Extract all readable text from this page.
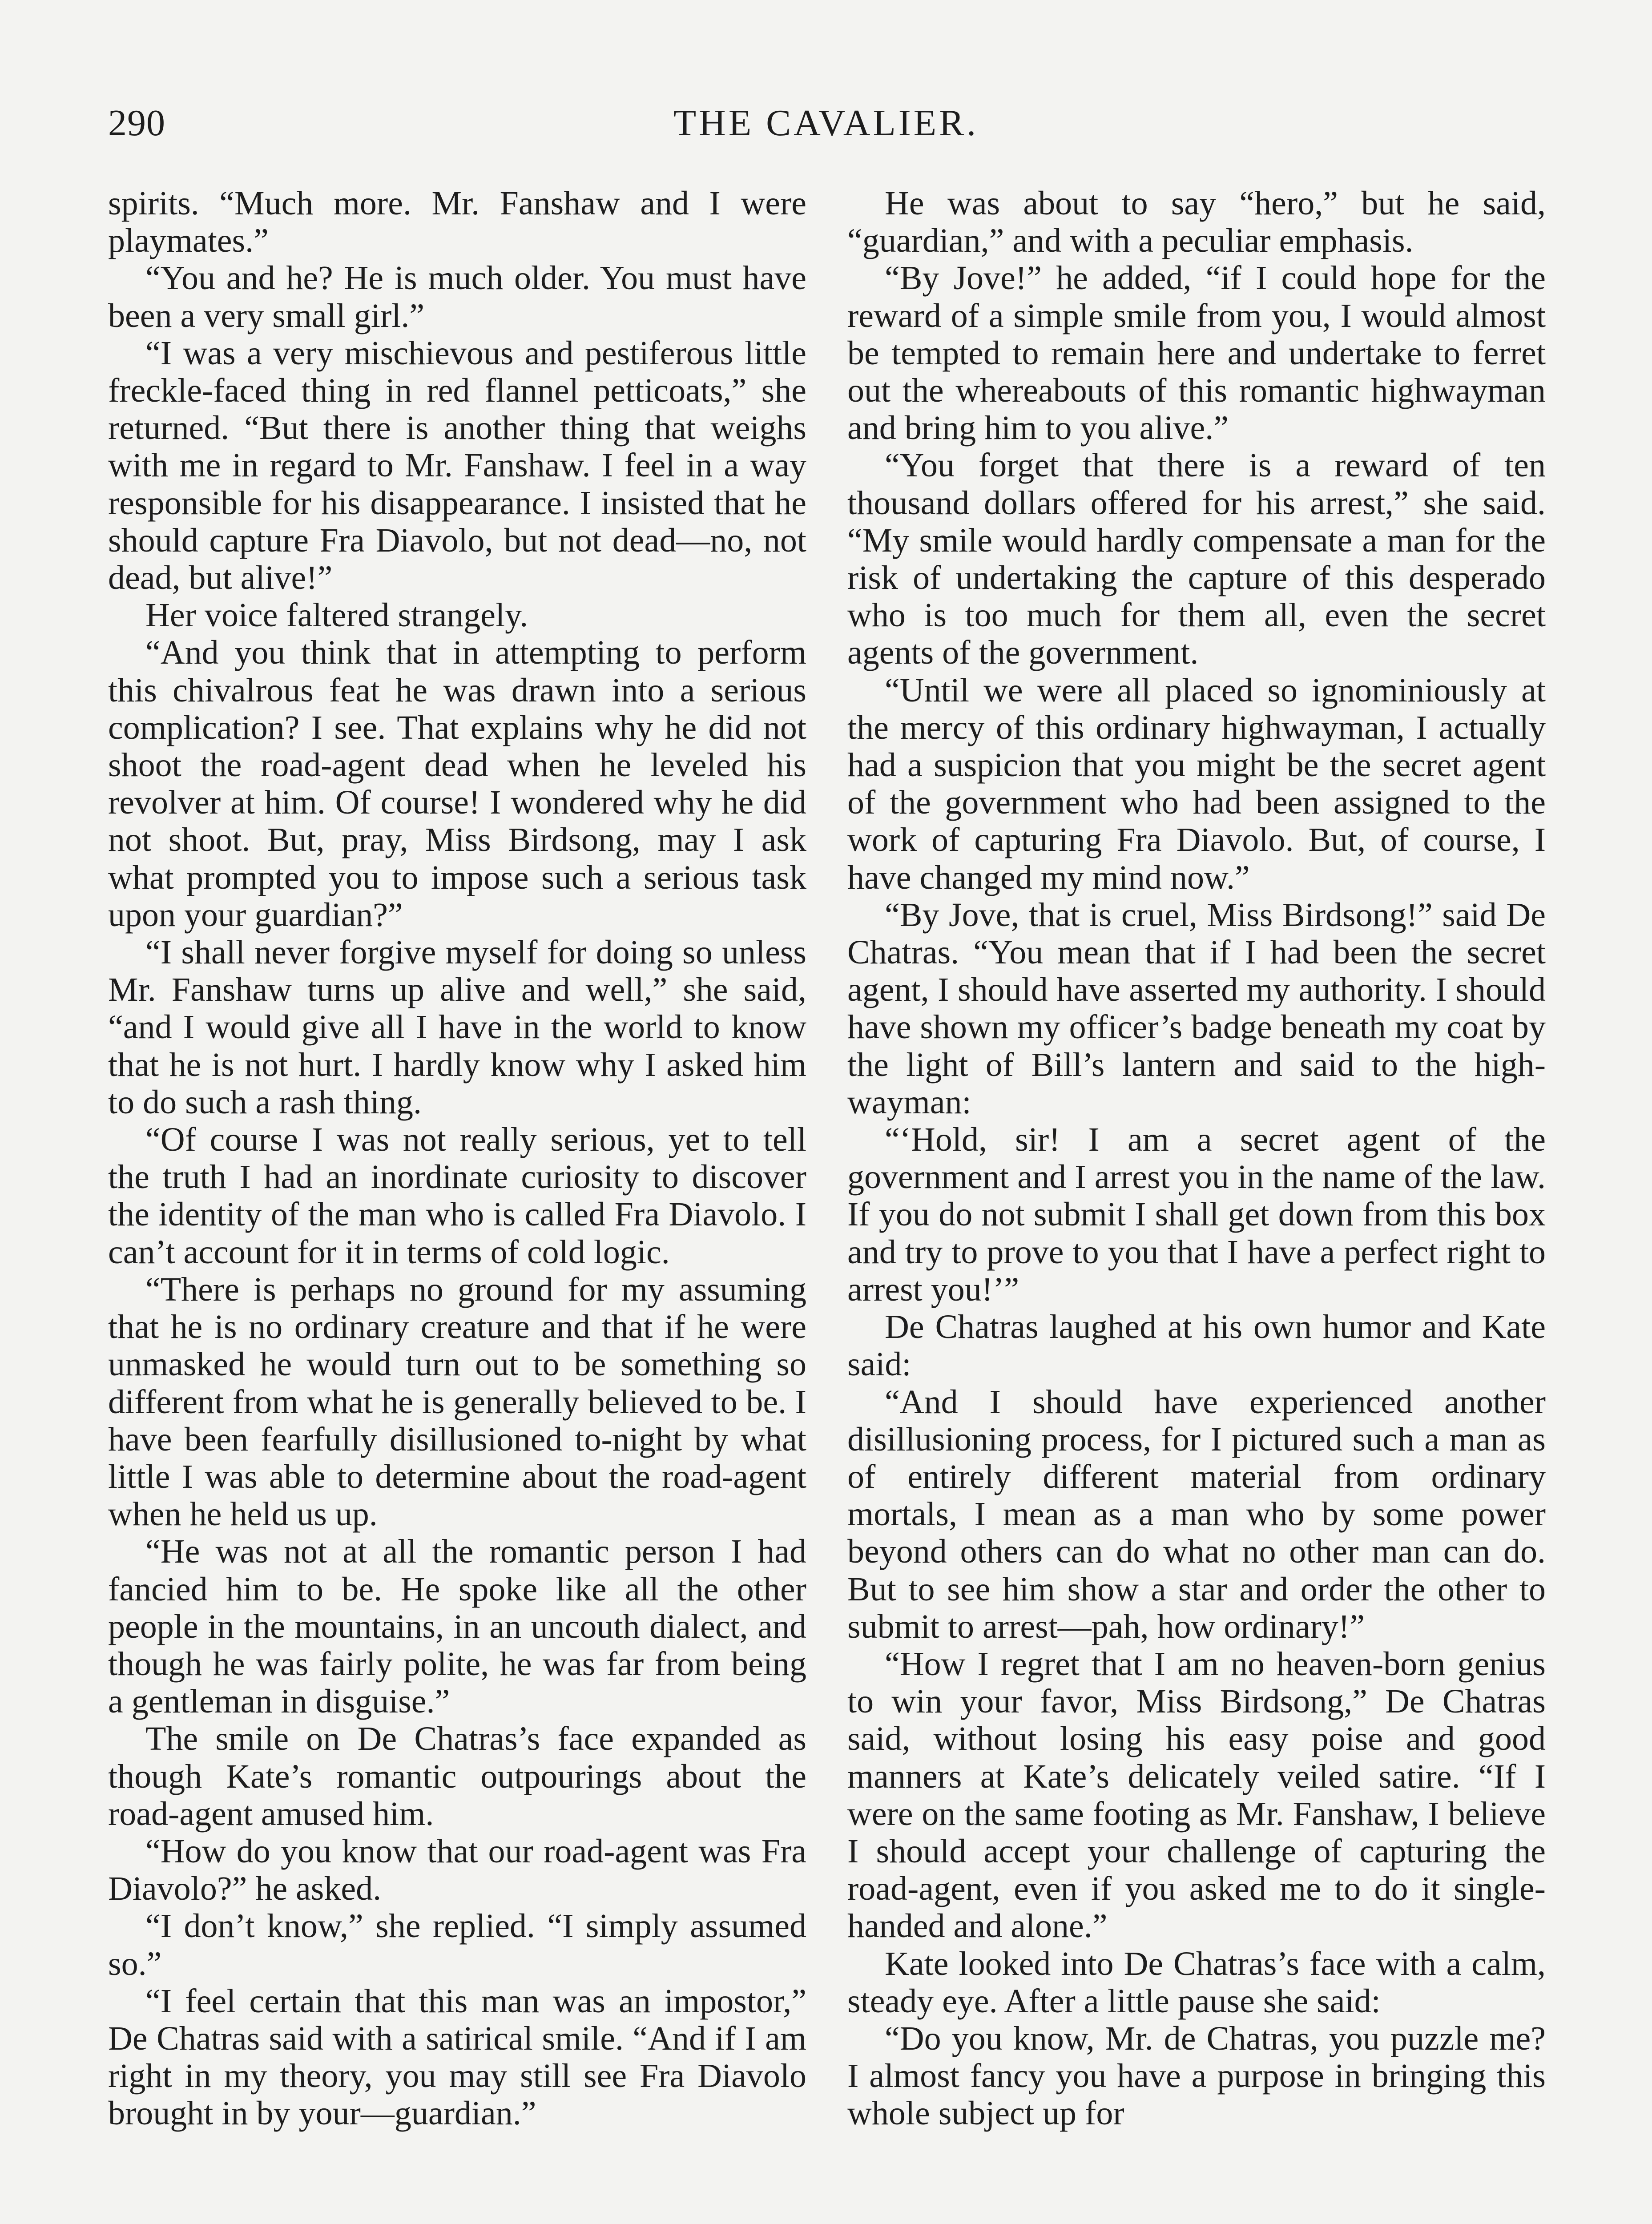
290	THE CAVALIER.

spirits. “Much more. Mr. Fanshaw and I were playmates.”

“You and he? He is much older. You must have been a very small girl.”

“I was a very mischievous and pestiferous little freckle-faced thing in red flannel petticoats,” she returned. “But there is another thing that weighs with me in regard to Mr. Fanshaw. I feel in a way responsible for his disappearance. I insisted that he should capture Fra Diavolo, but not dead—no, not dead, but alive!”

Her voice faltered strangely.

“And you think that in attempting to perform this chivalrous feat he was drawn into a serious complication? I see. That explains why he did not shoot the road-agent dead when he leveled his revolver at him. Of course! I wondered why he did not shoot. But, pray, Miss Birdsong, may I ask what prompted you to impose such a serious task upon your guardian?”

“I shall never forgive myself for doing so unless Mr. Fanshaw turns up alive and well,” she said, “and I would give all I have in the world to know that he is not hurt. I hardly know why I asked him to do such a rash thing.

“Of course I was not really serious, yet to tell the truth I had an inordinate curiosity to discover the identity of the man who is called Fra Diavolo. I can’t account for it in terms of cold logic.

“There is perhaps no ground for my assuming that he is no ordinary creature and that if he were unmasked he would turn out to be something so different from what he is generally believed to be. I have been fearfully disillusioned to-night by what little I was able to determine about the road-agent when he held us up.

“He was not at all the romantic person I had fancied him to be. He spoke like all the other people in the mountains, in an uncouth dialect, and though he was fairly polite, he was far from being a gentleman in disguise.”

The smile on De Chatras’s face expanded as though Kate’s romantic outpourings about the road-agent amused him.

“How do you know that our road-agent was Fra Diavolo?” he asked.

“I don’t know,” she replied. “I simply assumed so.”

“I feel certain that this man was an impostor,” De Chatras said with a satirical smile. “And if I am right in my theory, you may still see Fra Diavolo brought in by your—guardian.”

He was about to say “hero,” but he said, “guardian,” and with a peculiar emphasis.

“By Jove!” he added, “if I could hope for the reward of a simple smile from you, I would almost be tempted to remain here and undertake to ferret out the whereabouts of this romantic highwayman and bring him to you alive.”

“You forget that there is a reward of ten thousand dollars offered for his arrest,” she said. “My smile would hardly compensate a man for the risk of undertaking the capture of this desperado who is too much for them all, even the secret agents of the government.

“Until we were all placed so ignominiously at the mercy of this ordinary highwayman, I actually had a suspicion that you might be the secret agent of the government who had been assigned to the work of capturing Fra Diavolo. But, of course, I have changed my mind now.”

“By Jove, that is cruel, Miss Birdsong!” said De Chatras. “You mean that if I had been the secret agent, I should have asserted my authority. I should have shown my officer’s badge beneath my coat by the light of Bill’s lantern and said to the highwayman:

“‘Hold, sir! I am a secret agent of the government and I arrest you in the name of the law. If you do not submit I shall get down from this box and try to prove to you that I have a perfect right to arrest you!’”

De Chatras laughed at his own humor and Kate said:

“And I should have experienced another disillusioning process, for I pictured such a man as of entirely different material from ordinary mortals, I mean as a man who by some power beyond others can do what no other man can do. But to see him show a star and order the other to submit to arrest—pah, how ordinary!”

“How I regret that I am no heaven-born genius to win your favor, Miss Birdsong,” De Chatras said, without losing his easy poise and good manners at Kate’s delicately veiled satire. “If I were on the same footing as Mr. Fanshaw, I believe I should accept your challenge of capturing the road-agent, even if you asked me to do it single-handed and alone.”

Kate looked into De Chatras’s face with a calm, steady eye. After a little pause she said:

“Do you know, Mr. de Chatras, you puzzle me? I almost fancy you have a purpose in bringing this whole subject up for
